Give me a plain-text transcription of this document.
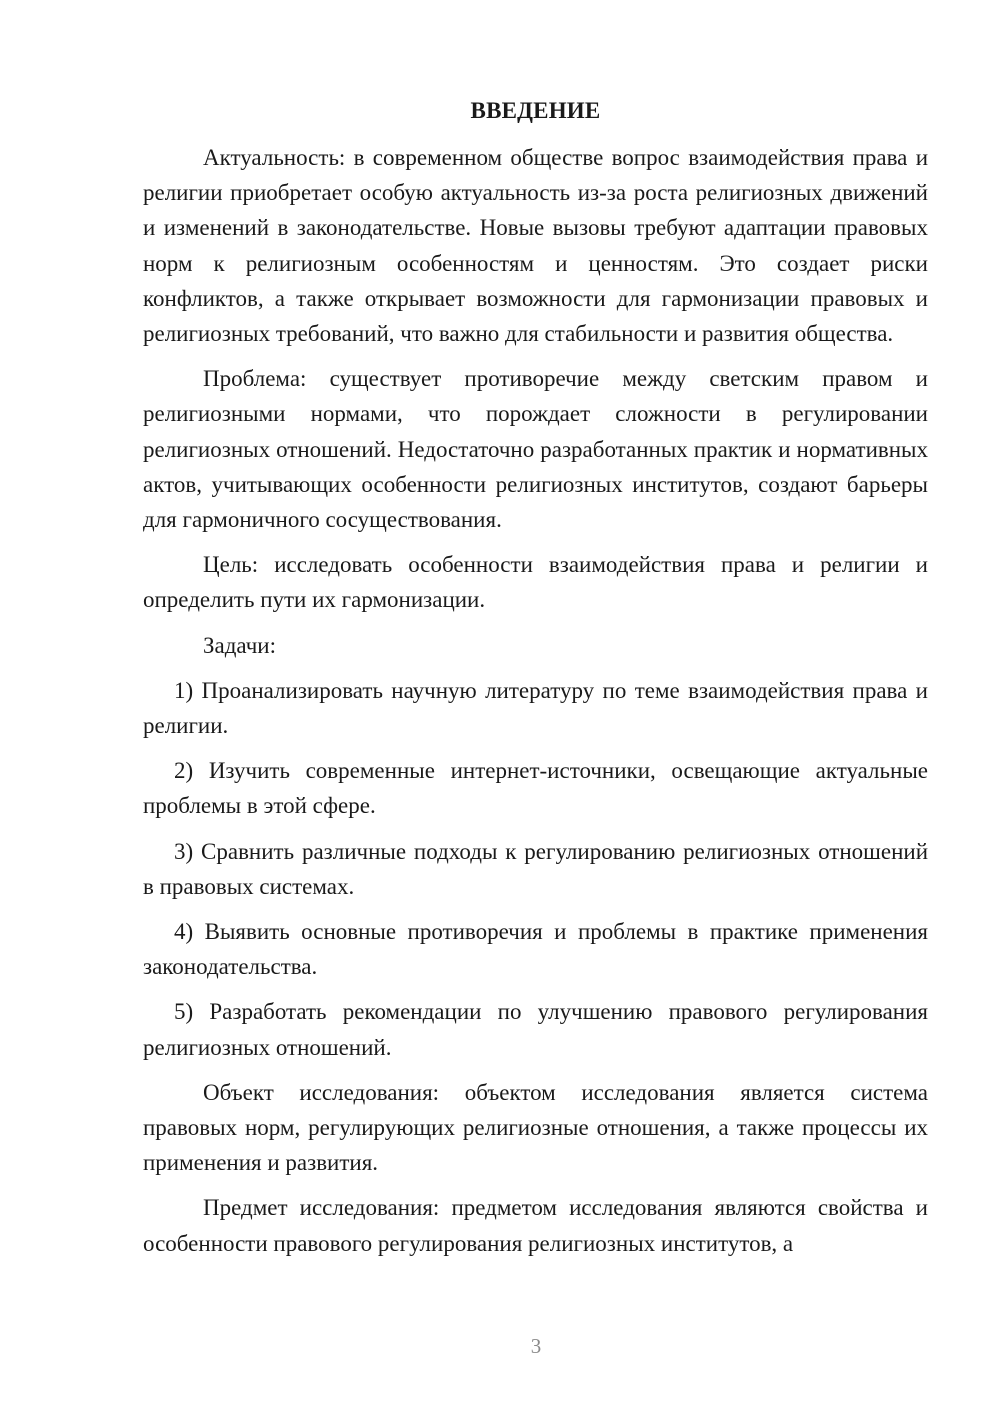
ВВЕДЕНИЕ

Актуальность: в современном обществе вопрос взаимодействия права и религии приобретает особую актуальность из-за роста религиозных движений и изменений в законодательстве. Новые вызовы требуют адаптации правовых норм к религиозным особенностям и ценностям. Это создает риски конфликтов, а также открывает возможности для гармонизации правовых и религиозных требований, что важно для стабильности и развития общества.

Проблема: существует противоречие между светским правом и религиозными нормами, что порождает сложности в регулировании религиозных отношений. Недостаточно разработанных практик и нормативных актов, учитывающих особенности религиозных институтов, создают барьеры для гармоничного сосуществования.

Цель: исследовать особенности взаимодействия права и религии и определить пути их гармонизации.

Задачи:

1) Проанализировать научную литературу по теме взаимодействия права и религии.

2) Изучить современные интернет-источники, освещающие актуальные проблемы в этой сфере.

3) Сравнить различные подходы к регулированию религиозных отношений в правовых системах.

4) Выявить основные противоречия и проблемы в практике применения законодательства.

5) Разработать рекомендации по улучшению правового регулирования религиозных отношений.

Объект исследования: объектом исследования является система правовых норм, регулирующих религиозные отношения, а также процессы их применения и развития.

Предмет исследования: предметом исследования являются свойства и особенности правового регулирования религиозных институтов, а

3
